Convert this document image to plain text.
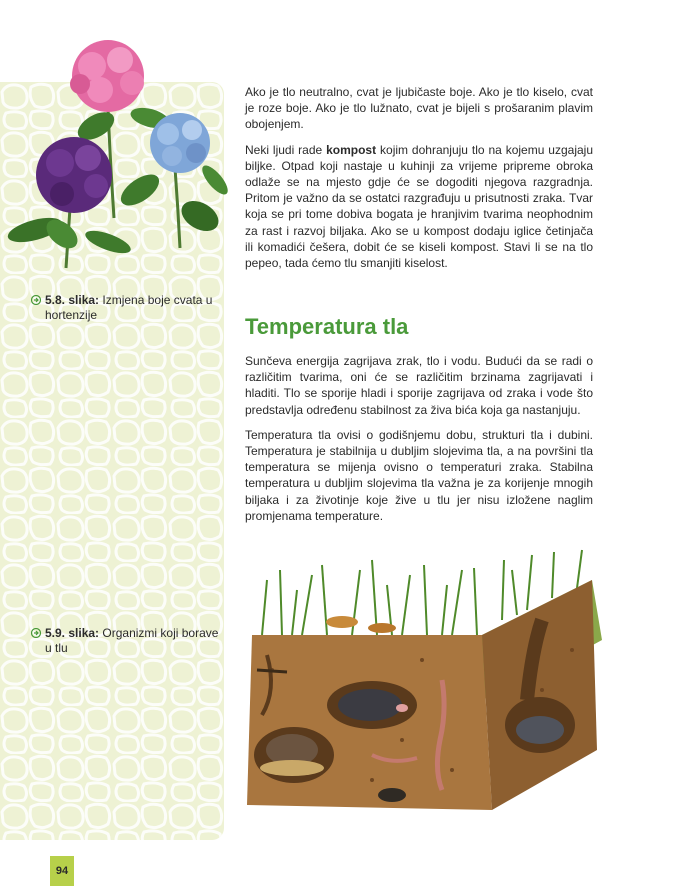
5.8. slika: Izmjena boje cvata u hortenzije
5.9. slika: Organizmi koji borave u tlu

Ako je tlo neutralno, cvat je ljubičaste boje. Ako je tlo kiselo, cvat je roze boje. Ako je tlo lužnato, cvat je bijeli s prošaranim plavim obojenjem.

Neki ljudi rade kompost kojim dohranjuju tlo na kojemu uzgajaju biljke. Otpad koji nastaje u kuhinji za vrijeme pripreme obroka odlaže se na mjesto gdje će se dogoditi njegova razgradnja. Pritom je važno da se ostatci razgrađuju u prisutnosti zraka. Tvar koja se pri tome dobiva bogata je hranjivim tvarima neophodnim za rast i razvoj biljaka. Ako se u kompost dodaju iglice četinjača ili komadići češera, dobit će se kiseli kompost. Stavi li se na tlo pepeo, tada ćemo tlu smanjiti kiselost.

Temperatura tla

Sunčeva energija zagrijava zrak, tlo i vodu. Budući da se radi o različitim tvarima, oni će se različitim brzinama zagrijavati i hladiti. Tlo se sporije hladi i sporije zagrijava od zraka i vode što predstavlja određenu stabilnost za živa bića koja ga nastanjuju.

Temperatura tla ovisi o godišnjemu dobu, strukturi tla i dubini. Temperatura je stabilnija u dubljim slojevima tla, a na površini tla temperatura se mijenja ovisno o temperaturi zraka. Stabilna temperatura u dubljim slojevima tla važna je za korijenje mnogih biljaka i za životinje koje žive u tlu jer nisu izložene naglim promjenama temperature.

94
